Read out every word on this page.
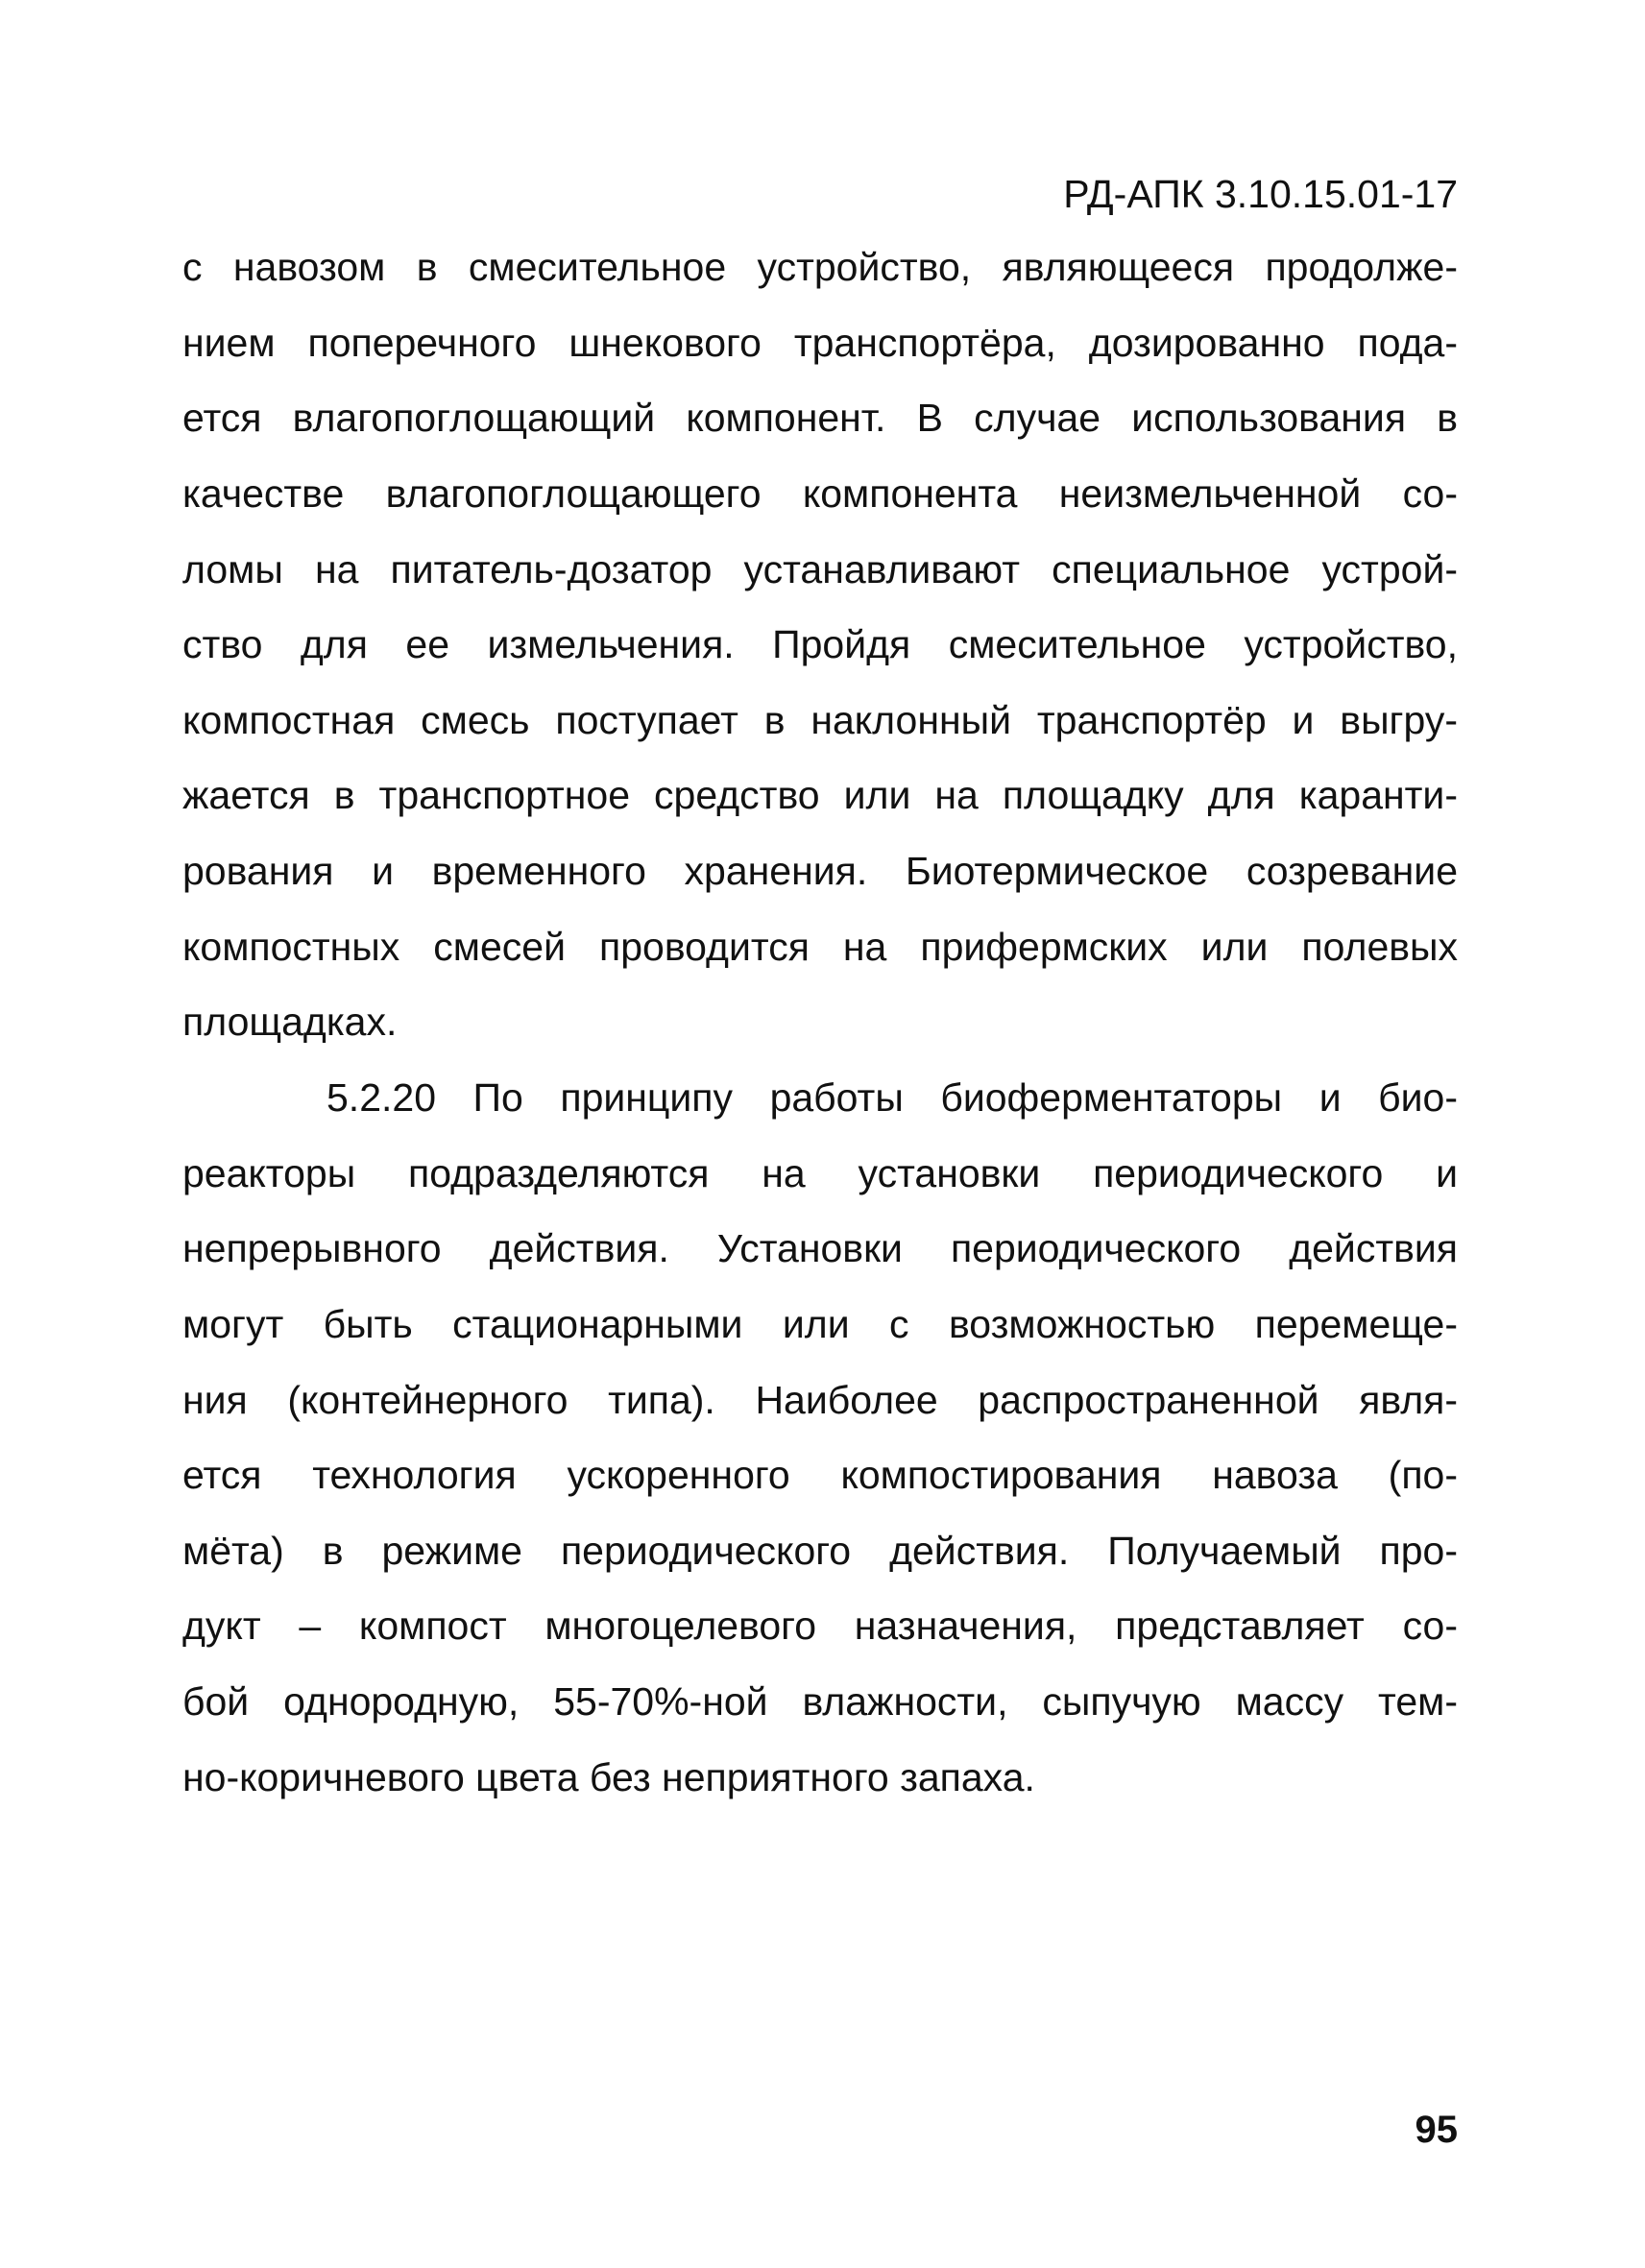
РД-АПК 3.10.15.01-17
с навозом в смесительное устройство, являющееся продолже-
нием поперечного шнекового транспортёра, дозированно пода-
ется влагопоглощающий компонент. В случае использования в
качестве влагопоглощающего компонента неизмельченной со-
ломы на питатель-дозатор устанавливают специальное устрой-
ство для ее измельчения. Пройдя смесительное устройство,
компостная смесь поступает в наклонный транспортёр и выгру-
жается в транспортное средство или на площадку для каранти-
рования и временного хранения. Биотермическое созревание
компостных смесей проводится на прифермских или полевых
площадках.
5.2.20 По принципу работы биоферментаторы и био-
реакторы подразделяются на установки периодического и
непрерывного действия. Установки периодического действия
могут быть стационарными или с возможностью перемеще-
ния (контейнерного типа). Наиболее распространенной явля-
ется технология ускоренного компостирования навоза (по-
мёта) в режиме периодического действия. Получаемый про-
дукт – компост многоцелевого назначения, представляет со-
бой однородную, 55-70%-ной влажности, сыпучую массу тем-
но-коричневого цвета без неприятного запаха.
95
